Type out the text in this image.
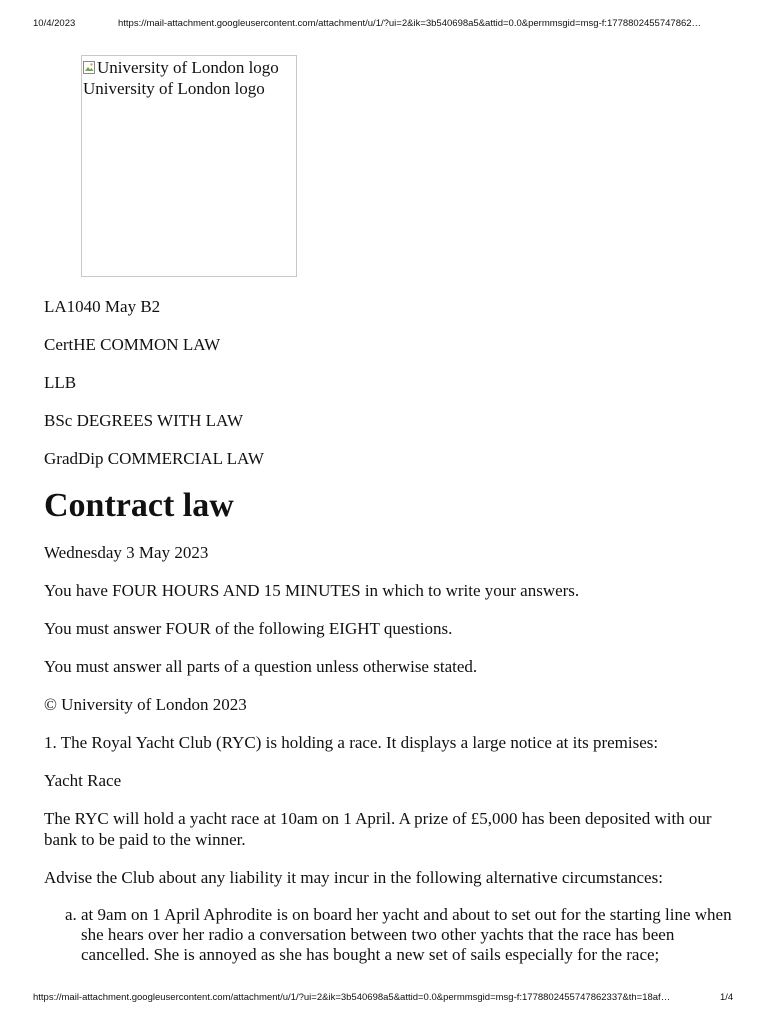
10/4/2023	https://mail-attachment.googleusercontent.com/attachment/u/1/?ui=2&ik=3b540698a5&attid=0.0&permmsgid=msg-f:1778802455747862…
University of London logo
University of London logo

LA1040 May B2

CertHE COMMON LAW

LLB

BSc DEGREES WITH LAW

GradDip COMMERCIAL LAW

Contract law

Wednesday 3 May 2023

You have FOUR HOURS AND 15 MINUTES in which to write your answers.

You must answer FOUR of the following EIGHT questions.

You must answer all parts of a question unless otherwise stated.

© University of London 2023

1. The Royal Yacht Club (RYC) is holding a race. It displays a large notice at its premises:

Yacht Race

The RYC will hold a yacht race at 10am on 1 April. A prize of £5,000 has been deposited with our bank to be paid to the winner.

Advise the Club about any liability it may incur in the following alternative circumstances:

a. at 9am on 1 April Aphrodite is on board her yacht and about to set out for the starting line when she hears over her radio a conversation between two other yachts that the race has been cancelled. She is annoyed as she has bought a new set of sails especially for the race;
https://mail-attachment.googleusercontent.com/attachment/u/1/?ui=2&ik=3b540698a5&attid=0.0&permmsgid=msg-f:1778802455747862337&th=18af…	1/4
